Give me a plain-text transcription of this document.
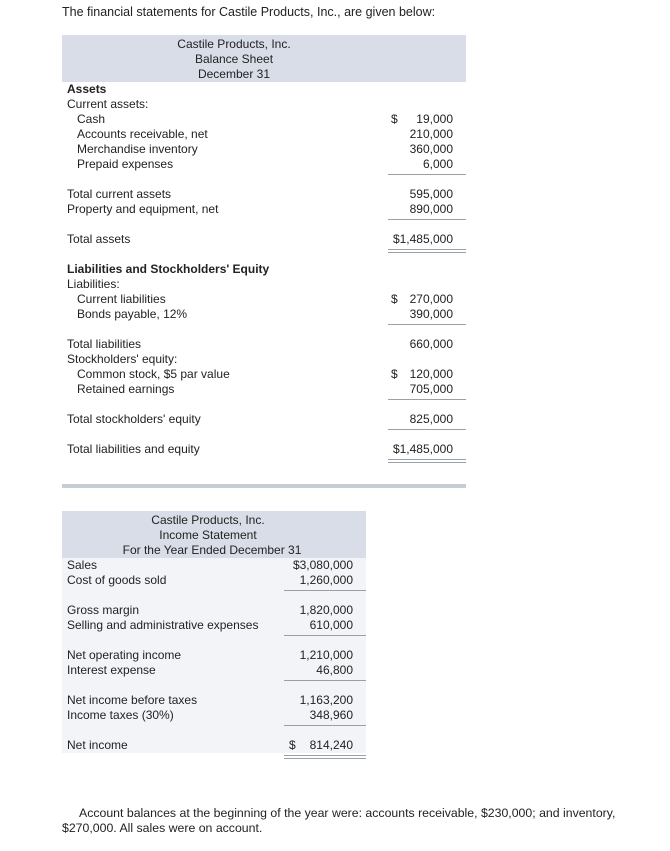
The financial statements for Castile Products, Inc., are given below:
Castile Products, Inc.
Balance Sheet
December 31
Assets
Current assets:
Cash	$	19,000
Accounts receivable, net	210,000
Merchandise inventory	360,000
Prepaid expenses	6,000
Total current assets	595,000
Property and equipment, net	890,000
Total assets	$1,485,000
Liabilities and Stockholders' Equity
Liabilities:
Current liabilities	$ 270,000
Bonds payable, 12%	390,000
Total liabilities	660,000
Stockholders' equity:
Common stock, $5 par value	$ 120,000
Retained earnings	705,000
Total stockholders' equity	825,000
Total liabilities and equity	$1,485,000
Castile Products, Inc.
Income Statement
For the Year Ended December 31
Sales	$3,080,000
Cost of goods sold	1,260,000
Gross margin	1,820,000
Selling and administrative expenses	610,000
Net operating income	1,210,000
Interest expense	46,800
Net income before taxes	1,163,200
Income taxes (30%)	348,960
Net income	$	814,240
Account balances at the beginning of the year were: accounts receivable, $230,000; and inventory, $270,000. All sales were on account.
